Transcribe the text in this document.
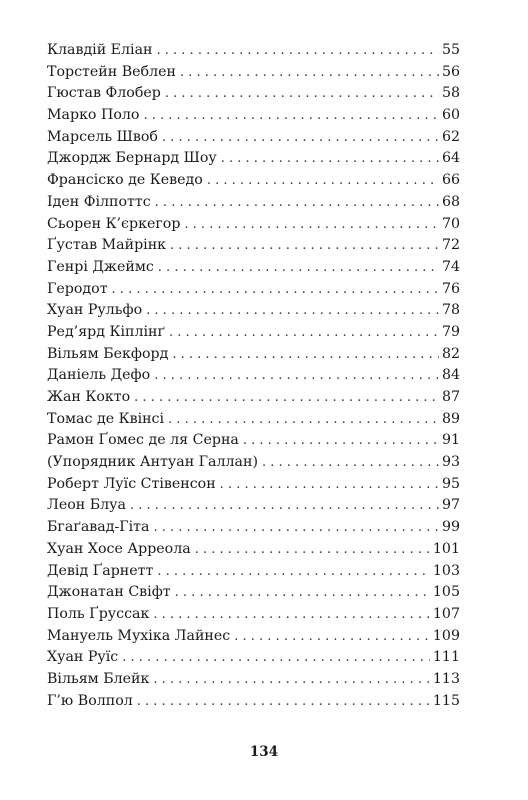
Клавдій Еліан . . .	55
Торстейн Веблен . . .	56
Гюстав Флобер . . .	58
Марко Поло . . .	60
Марсель Швоб . . .	62
Джордж Бернард Шоу . . .	64
Франсіско де Кеведо . . .	66
Іден Філпоттс . . .	68
Сьорен К’єркегор . . .	70
Ґустав Майрінк . . .	72
Генрі Джеймс . . .	74
Геродот . . .	76
Хуан Рульфо . . .	78
Ред’ярд Кіплінґ . . .	79
Вільям Бекфорд . . .	82
Даніель Дефо . . .	84
Жан Кокто . . .	87
Томас де Квінсі . . .	89
Рамон Ґомес де ля Серна . . .	91
(Упорядник Антуан Галлан) . . .	93
Роберт Луїс Стівенсон . . .	95
Леон Блуа . . .	97
Бгаґавад-Гіта . . .	99
Хуан Хосе Арреола . . .	101
Девід Ґарнетт . . .	103
Джонатан Свіфт . . .	105
Поль Ґруссак . . .	107
Мануель Мухіка Лайнес . . .	109
Хуан Руїс . . .	111
Вільям Блейк . . .	113
Г’ю Волпол . . .	115
134
